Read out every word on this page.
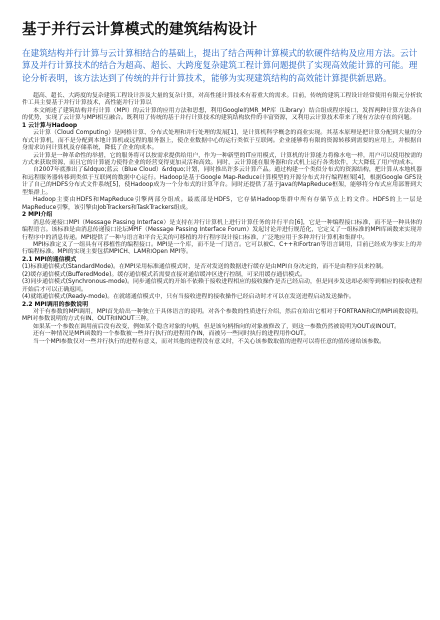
基于并行云计算模式的建筑结构设计

在建筑结构并行计算与云计算相结合的基础上，提出了结合两种计算模式的软硬件结构及应用方法。云计算及并行计算技术的结合为超高、超长、大跨度复杂建筑工程计算问题提供了实现高效能计算的可能。理论分析表明，该方法达到了传统的并行计算技术，能够为实现建筑结构的高效能计算提供新思路。

超高、超长、大跨度的复杂建筑工程设计涉及大量的复杂计算，对高性能计算技术有着重大的需求。目前，传统的建筑工程设计经常使用有限元分析软件工具主要基于并行计算技术，高性能并行计算以

本文阐述了建筑结构并行计算（MPI）的云计算的应用方法和思想，利用Google的MR_MP库（Library）结合组成程序接口，发挥两种计算方法各自的优势，实现了云计算与MPI相互融合。既利用了传统的基于并行计算技术的建筑结构软件的丰富资源，又利用云计算技术带来了现有方法存在的问题。

1 云计算与Hadoop

云计算（Cloud Computing）是网格计算、分布式处理和并行处理的发展[1]，是计算机科学概念的商业实现。其基本原理是把计算分配到大量的分布式计算机，而不是分配到本地计算机或远程的服务器上，使企业数据中心的运行类似于互联网。企业能够将有限的资源转移到需要的应用上，并根据自身需求访问计算机及存储系统，降低了企业的成本。

云计算是一种革命性的举措，它的服务将可以按需求提供给用户，作为一种新型的IT应用模式，计算机的计算能力将像水电一样，用户可以使用按需的方式来获取资源，而且它的计算能力使得企业的经营变得更加灵活和高效。同时，云计算能在服务器和台式机上运行各类软件，大大降低了用户的成本。

自2007年底推出了&ldquo;蓝云（Blue Cloud）&rdquo;计划，同时推出许多云计算产品。通过构建一个类似分布式的资源结构，把计算从本地机器和远程服务器转移到类似于互联网的数据中心运行。Hadoop是基于Google Map-Reduce计算模型的开源分布式并行编程框架[4]，根据Google GFS设计了自己的HDFS分布式文件系统[5]，使Hadoop成为一个分布式的计算平台。同时还提供了基于Java的MapReduce框架，能够将分布式应用部署到大型集群上。

Hadoop主要由HDFS和MapReduce引擎两部分组成。最底部是HDFS，它存储Hadoop集群中所有存储节点上的文件。HDFS的上一层是MapReduce引擎，该引擎由JobTrackers和TaskTrackers组成。

2 MPI介绍

消息传递接口MPI（Message Passing Interface）是支持在并行计算机上进行计算任务的并行平台[6]，它是一种编程接口标准，而不是一种具体的编程语言。该标准是由消息传递接口论坛MPIF（Message Passing Interface Forum）发起讨论并进行规范化，它定义了一组标准的MPI库函数来实现并行程序中的消息传递。MPI提供了一种与语言和平台无关的可移植的并行程序设计接口标准，广泛地应用于多种并行计算机和集群中。

MPI标准定义了一组具有可移植性的编程接口。MPI是一个库，而不是一门语言。它可以被C、C++和Fortran等语言调用，目前已经成为事实上的并行编程标准。MPI的实现主要包括MPICH、LAM和Open MPI等。

2.1 MPI的通信模式

(1)标准通信模式(StandardMode)。在MPI采用标准通信模式时，是否对发送的数据进行缓存是由MPI自身决定的，而不是由程序员来控制。

(2)缓存通信模式(BufferedMode)。缓存通信模式若需要直接对通信缓冲区进行控制，可采用缓存通信模式。

(3)同步通信模式(Synchronous-mode)。同步通信模式的开始不依赖于接收进程相应的接收操作是否已经启动，但是同步发送却必须等到相应的接收进程开始后才可以正确返回。

(4)就绪通信模式(Ready-mode)。在就绪通信模式中，只有当接收进程的接收操作已经启动时才可以在发送进程启动发送操作。

2.2 MPI调用的参数说明

对于有参数的MPI调用，MPI首先给出一种独立于具体语言的说明。对各个参数的性质进行介绍，然后在给出它相对于FORTRAN和C的MPI函数说明。MPI对参数说明的方式有IN、OUT和INOUT三种。

如果某一个参数在调用前后没有改变，例如某个隐含对象的句柄，但是该句柄指向的对象被修改了，则这一参数仍然被说明为OUT或INOUT。

还有一种情况是MPI函数的一个参数被一些并行执行的进程用作IN，而被另一些同时执行的进程用作OUT。

当一个MPI参数仅对一些并行执行的进程有意义，而对其他的进程没有意义时，不关心该参数取值的进程可以将任意的值传递给该参数。
